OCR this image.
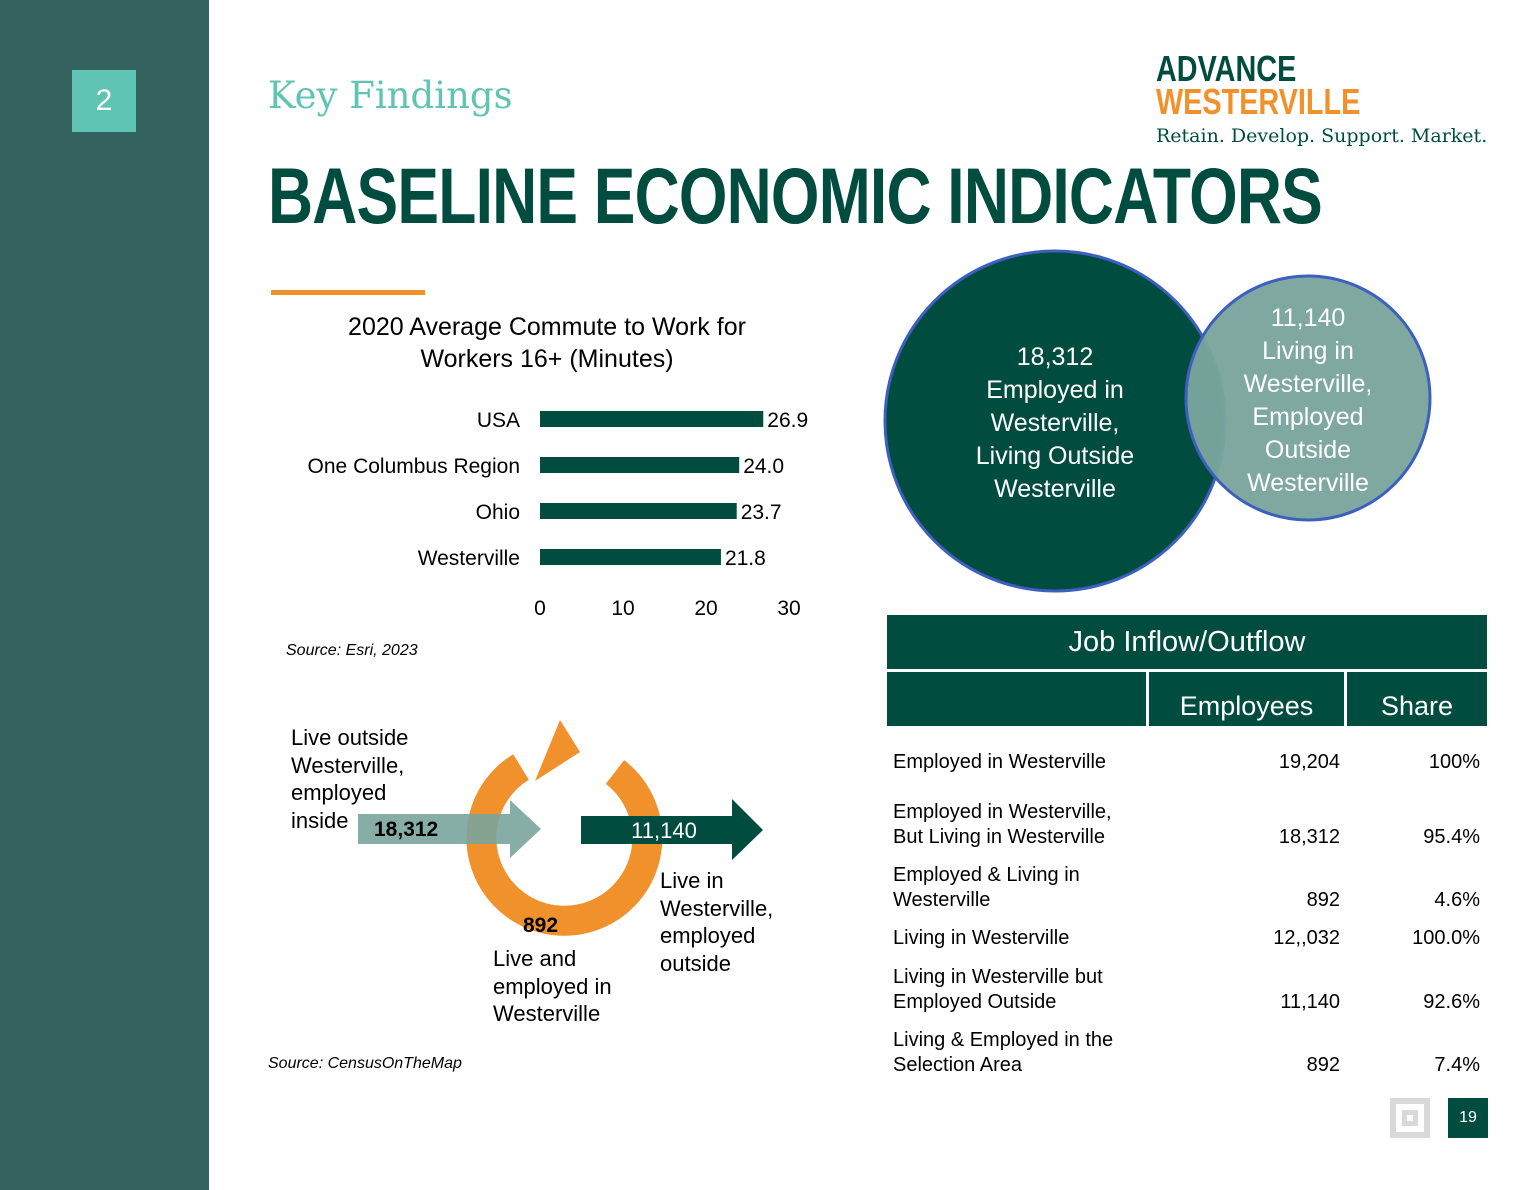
2	Key Findings
BASELINE ECONOMIC INDICATORS
ADVANCE
WESTERVILLE
Retain. Develop. Support. Market.
2020 Average Commute to Work for Workers 16+ (Minutes)
USA	26.9
One Columbus Region	24.0
Ohio	23.7
Westerville	21.8
0	10	20	30
Source: Esri, 2023
18,312
Employed in
Westerville,
Living Outside
Westerville
11,140
Living in
Westerville,
Employed
Outside
Westerville
Live outside
Westerville,
employed
inside	18,312	11,140
Live in
Westerville,
employed
outside
892
Live and
employed in
Westerville
Source: CensusOnTheMap
Job Inflow/Outflow
Employees	Share
Employed in Westerville	19,204	100%
Employed in Westerville,
But Living in Westerville	18,312	95.4%
Employed & Living in
Westerville	892	4.6%
Living in Westerville	12,,032	100.0%
Living in Westerville but
Employed Outside	11,140	92.6%
Living & Employed in the
Selection Area	892	7.4%
19
